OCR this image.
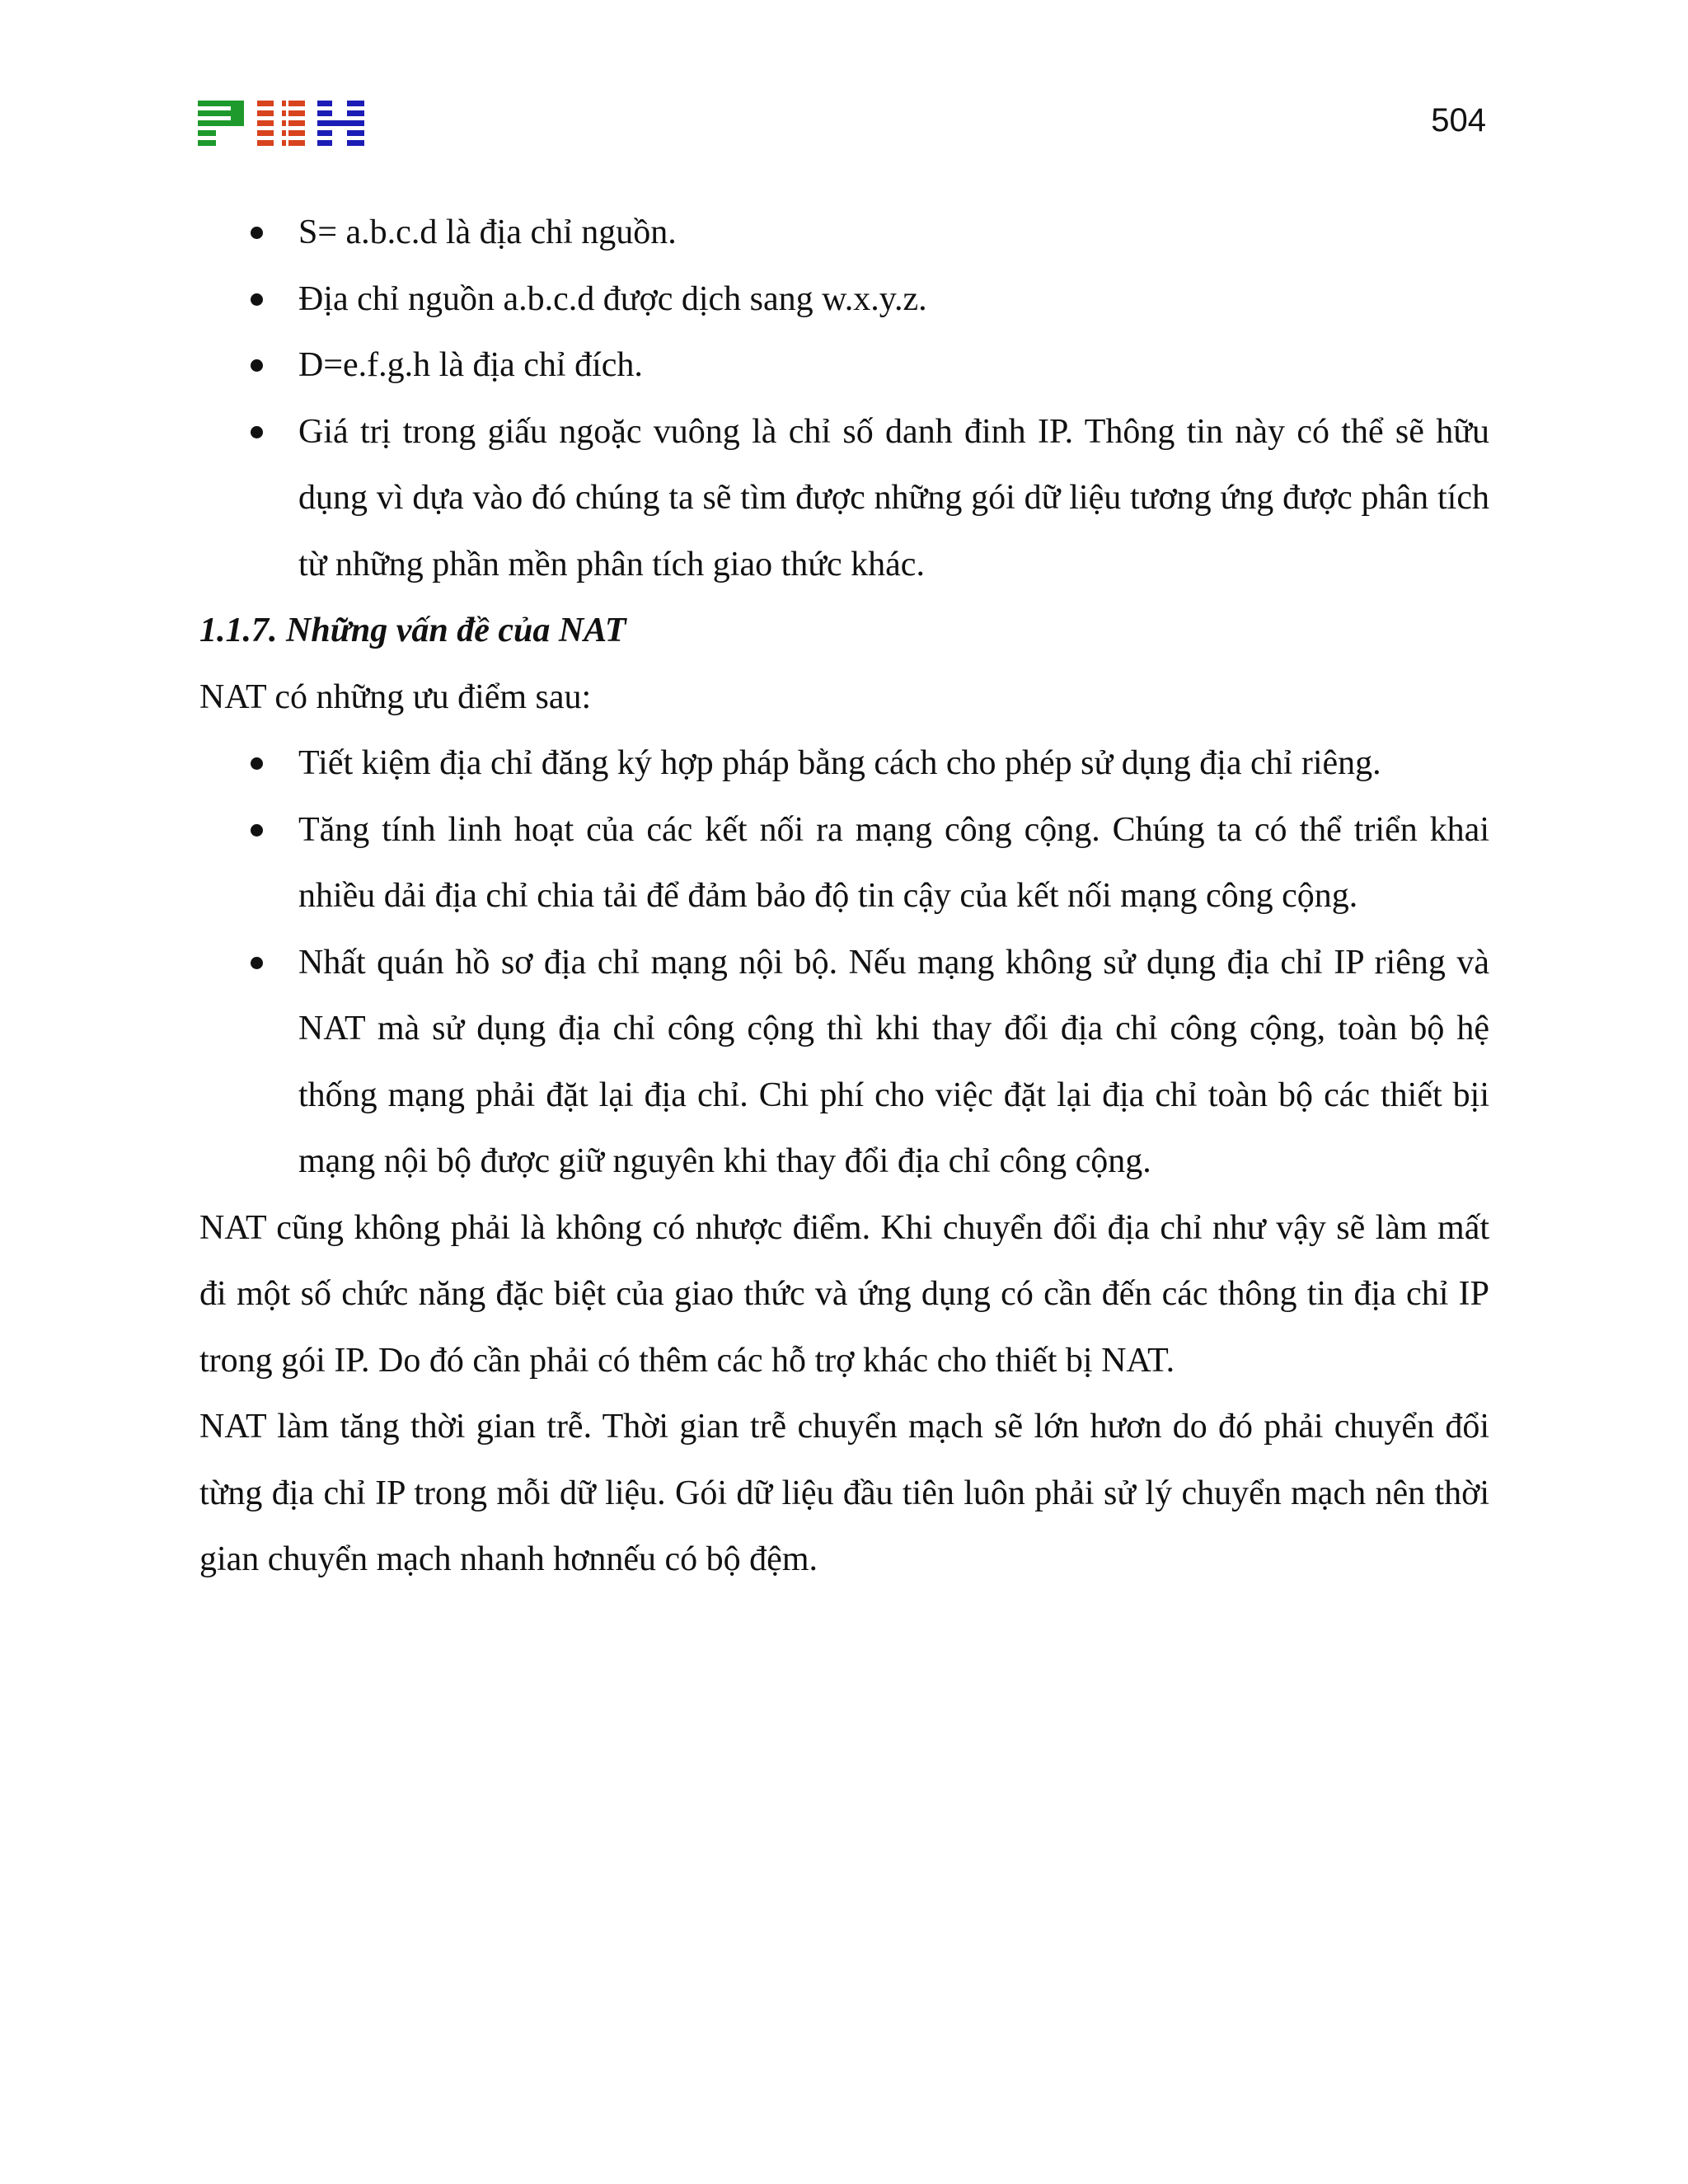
504
S= a.b.c.d là địa chỉ nguồn.
Địa chỉ nguồn a.b.c.d được dịch sang w.x.y.z.
D=e.f.g.h là địa chỉ đích.
Giá trị trong giấu ngoặc vuông là chỉ số danh đinh IP. Thông tin này có thể sẽ hữu dụng vì dựa vào đó chúng ta sẽ tìm được những gói dữ liệu tương ứng được phân tích từ những phần mền phân tích giao thức khác.
1.1.7. Những vấn đề của NAT

NAT có những ưu điểm sau:

Tiết kiệm địa chỉ đăng ký hợp pháp bằng cách cho phép sử dụng địa chỉ riêng.
Tăng tính linh hoạt của các kết nối ra mạng công cộng. Chúng ta có thể triển khai nhiều dải địa chỉ chia tải để đảm bảo độ tin cậy của kết nối mạng công cộng.
Nhất quán hồ sơ địa chỉ mạng nội bộ. Nếu mạng không sử dụng địa chỉ IP riêng và NAT mà sử dụng địa chỉ công cộng thì khi thay đổi địa chỉ công cộng, toàn bộ hệ thống mạng phải đặt lại địa chỉ. Chi phí cho việc đặt lại địa chỉ toàn bộ các thiết bịi mạng nội bộ được giữ nguyên khi thay đổi địa chỉ công cộng.

NAT cũng không phải là không có nhược điểm. Khi chuyển đổi địa chỉ như vậy sẽ làm mất đi một số chức năng đặc biệt của giao thức và ứng dụng có cần đến các thông tin địa chỉ IP trong gói IP. Do đó cần phải có thêm các hỗ trợ khác cho thiết bị NAT.

NAT làm tăng thời gian trễ. Thời gian trễ chuyển mạch sẽ lớn hươn do đó phải chuyển đổi từng địa chỉ IP trong mỗi dữ liệu. Gói dữ liệu đầu tiên luôn phải sử lý chuyển mạch nên thời gian chuyển mạch nhanh hơnnếu có bộ đệm.
